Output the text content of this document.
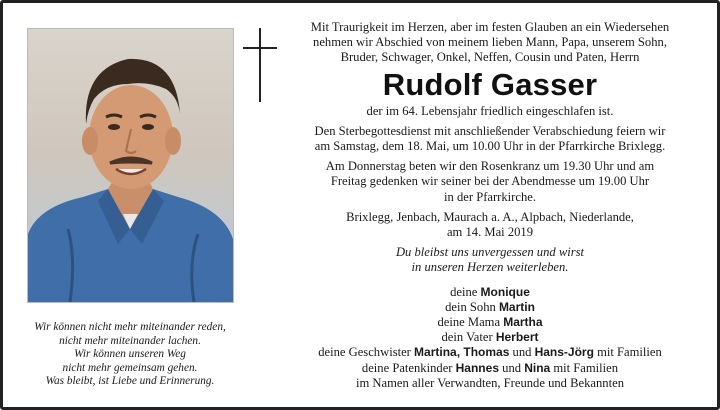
Mit Traurigkeit im Herzen, aber im festen Glauben an ein Wiedersehen
nehmen wir Abschied von meinem lieben Mann, Papa, unserem Sohn,
Bruder, Schwager, Onkel, Neffen, Cousin und Paten, Herrn
Rudolf Gasser
der im 64. Lebensjahr friedlich eingeschlafen ist.
Den Sterbegottesdienst mit anschließender Verabschiedung feiern wir
am Samstag, dem 18. Mai, um 10.00 Uhr in der Pfarrkirche Brixlegg.
Am Donnerstag beten wir den Rosenkranz um 19.30 Uhr und am
Freitag gedenken wir seiner bei der Abendmesse um 19.00 Uhr
in der Pfarrkirche.
Brixlegg, Jenbach, Maurach a. A., Alpbach, Niederlande,
am 14. Mai 2019
Du bleibst uns unvergessen und wirst
in unseren Herzen weiterleben.
deine Monique
dein Sohn Martin
deine Mama Martha
dein Vater Herbert
deine Geschwister Martina, Thomas und Hans-Jörg mit Familien
deine Patenkinder Hannes und Nina mit Familien
im Namen aller Verwandten, Freunde und Bekannten
Wir können nicht mehr miteinander reden,
nicht mehr miteinander lachen.
Wir können unseren Weg
nicht mehr gemeinsam gehen.
Was bleibt, ist Liebe und Erinnerung.
